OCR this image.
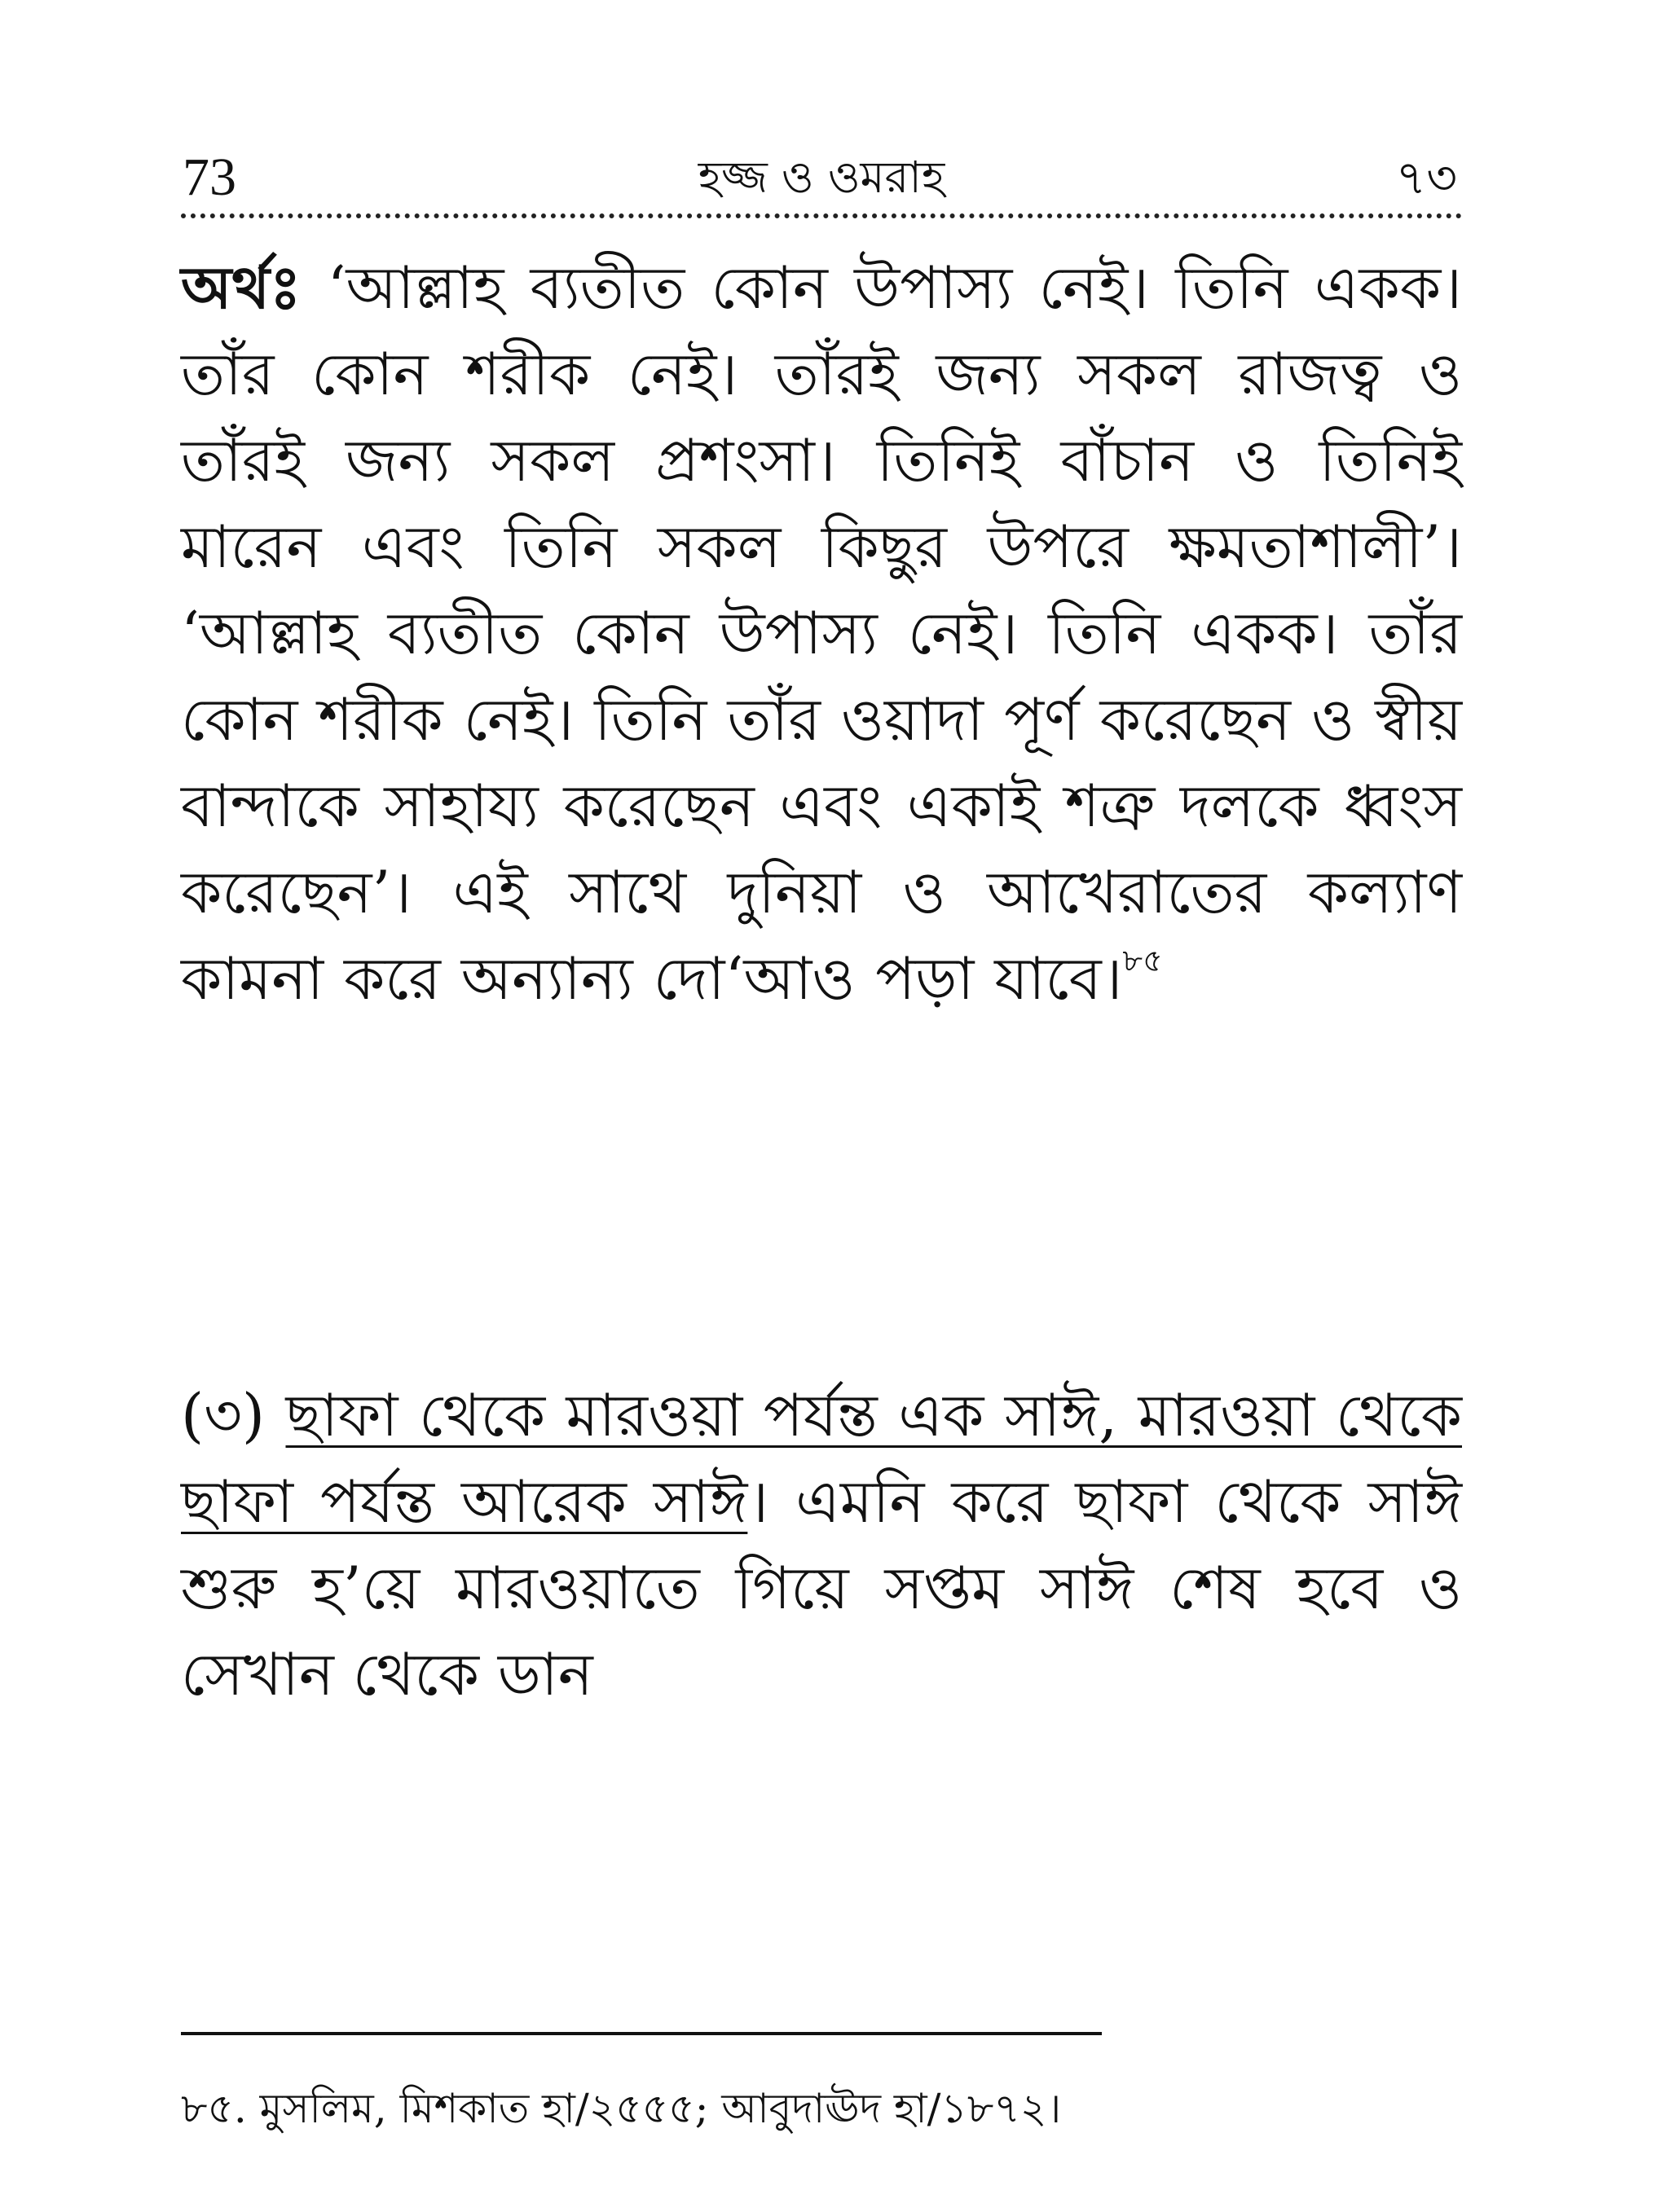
73	হজ্জ ও ওমরাহ	৭৩

অর্থঃ ‘আল্লাহ ব্যতীত কোন উপাস্য নেই। তিনি একক। তাঁর কোন শরীক নেই। তাঁরই জন্য সকল রাজত্ব ও তাঁরই জন্য সকল প্রশংসা। তিনিই বাঁচান ও তিনিই মারেন এবং তিনি সকল কিছুর উপরে ক্ষমতাশালী’। ‘আল্লাহ ব্যতীত কোন উপাস্য নেই। তিনি একক। তাঁর কোন শরীক নেই। তিনি তাঁর ওয়াদা পূর্ণ করেছেন ও স্বীয় বান্দাকে সাহায্য করেছেন এবং একাই শত্রু দলকে ধ্বংস করেছেন’। এই সাথে দুনিয়া ও আখেরাতের কল্যাণ কামনা করে অন্যান্য দো‘আও পড়া যাবে।$^{৮৫}$

(৩) ছাফা থেকে মারওয়া পর্যন্ত এক সাঈ, মারওয়া থেকে ছাফা পর্যন্ত আরেক সাঈ। এমনি করে ছাফা থেকে সাঈ শুরু হ’য়ে মারওয়াতে গিয়ে সপ্তম সাঈ শেষ হবে ও সেখান থেকে ডান

৮৫. মুসলিম, মিশকাত হা/২৫৫৫; আবুদাঊদ হা/১৮৭২।
